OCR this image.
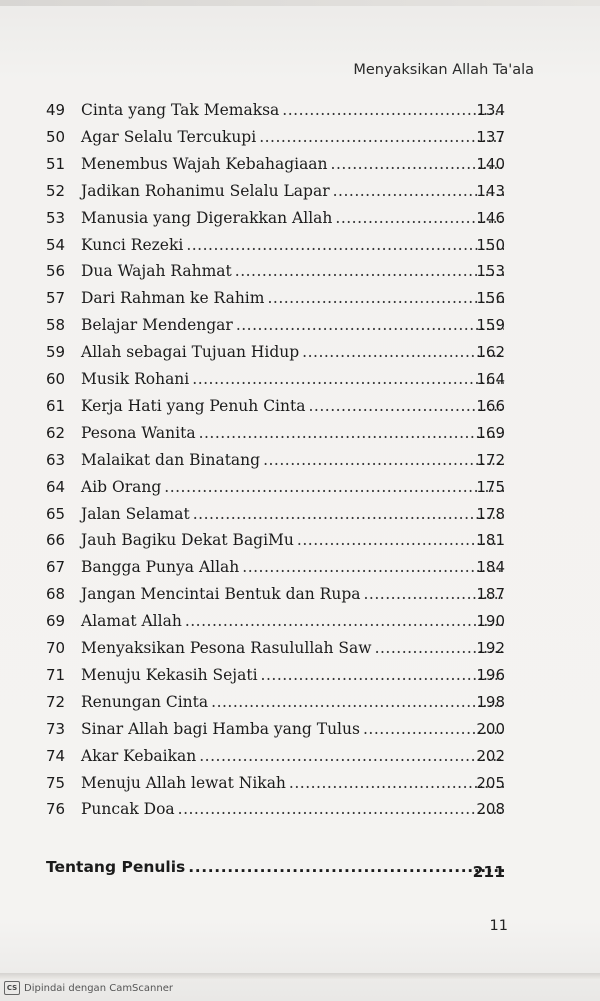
Menyaksikan Allah Ta'ala
49	Cinta yang Tak Memaksa .....	134
50	Agar Selalu Tercukupi .....	137
51	Menembus Wajah Kebahagiaan .....	140
52	Jadikan Rohanimu Selalu Lapar .....	143
53	Manusia yang Digerakkan Allah .....	146
54	Kunci Rezeki .....	150
56	Dua Wajah Rahmat .....	153
57	Dari Rahman ke Rahim .....	156
58	Belajar Mendengar .....	159
59	Allah sebagai Tujuan Hidup .....	162
60	Musik Rohani .....	164
61	Kerja Hati yang Penuh Cinta .....	166
62	Pesona Wanita .....	169
63	Malaikat dan Binatang .....	172
64	Aib Orang .....	175
65	Jalan Selamat .....	178
66	Jauh Bagiku Dekat BagiMu .....	181
67	Bangga Punya Allah .....	184
68	Jangan Mencintai Bentuk dan Rupa .....	187
69	Alamat Allah .....	190
70	Menyaksikan Pesona Rasulullah Saw .....	192
71	Menuju Kekasih Sejati .....	196
72	Renungan Cinta .....	198
73	Sinar Allah bagi Hamba yang Tulus .....	200
74	Akar Kebaikan .....	202
75	Menuju Allah lewat Nikah .....	205
76	Puncak Doa .....	208
Tentang Penulis .....	211
11
CS Dipindai dengan CamScanner
